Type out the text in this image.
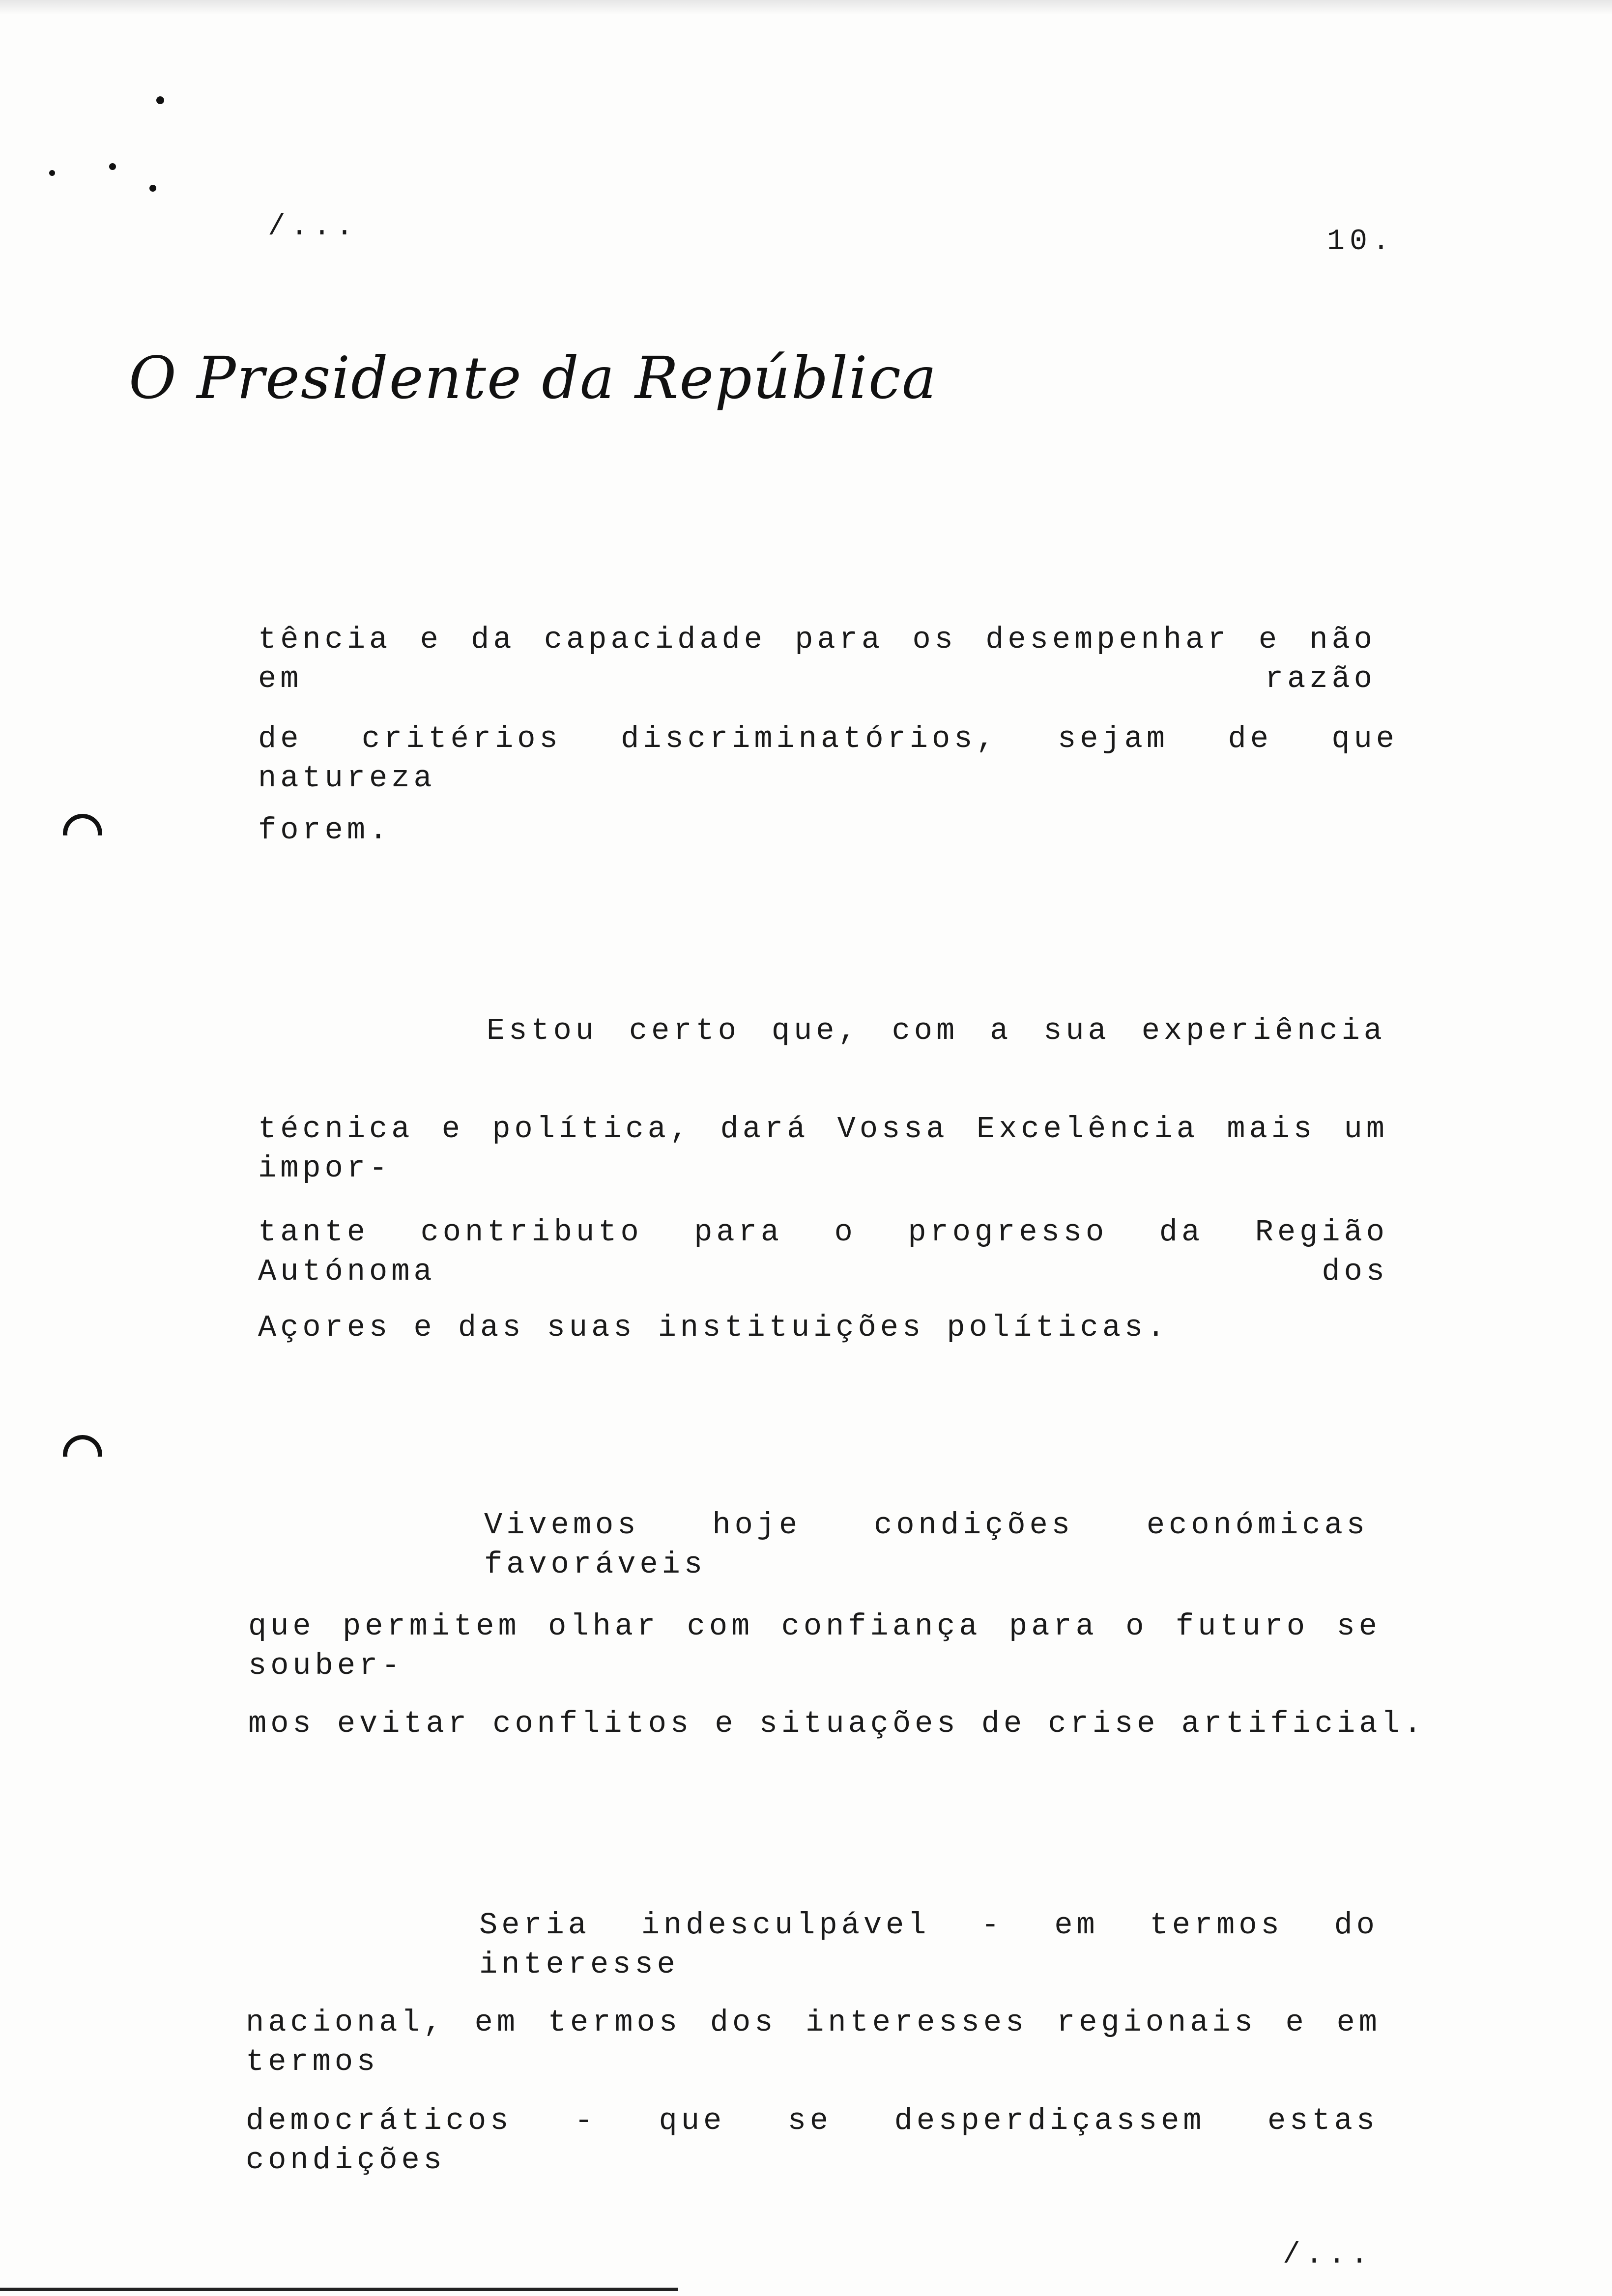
/...	10.
O Presidente da República
tência e da capacidade para os desempenhar e não em razão
de critérios discriminatórios, sejam de que natureza
forem.
Estou certo que, com a sua experiência
técnica e política, dará Vossa Excelência mais um impor-
tante contributo para o progresso da Região Autónoma dos
Açores e das suas instituições políticas.
Vivemos hoje condições económicas favoráveis
que permitem olhar com confiança para o futuro se souber-
mos evitar conflitos e situações de crise artificial.
Seria indesculpável - em termos do interesse
nacional, em termos dos interesses regionais e em termos
democráticos - que se desperdiçassem estas condições
/...
